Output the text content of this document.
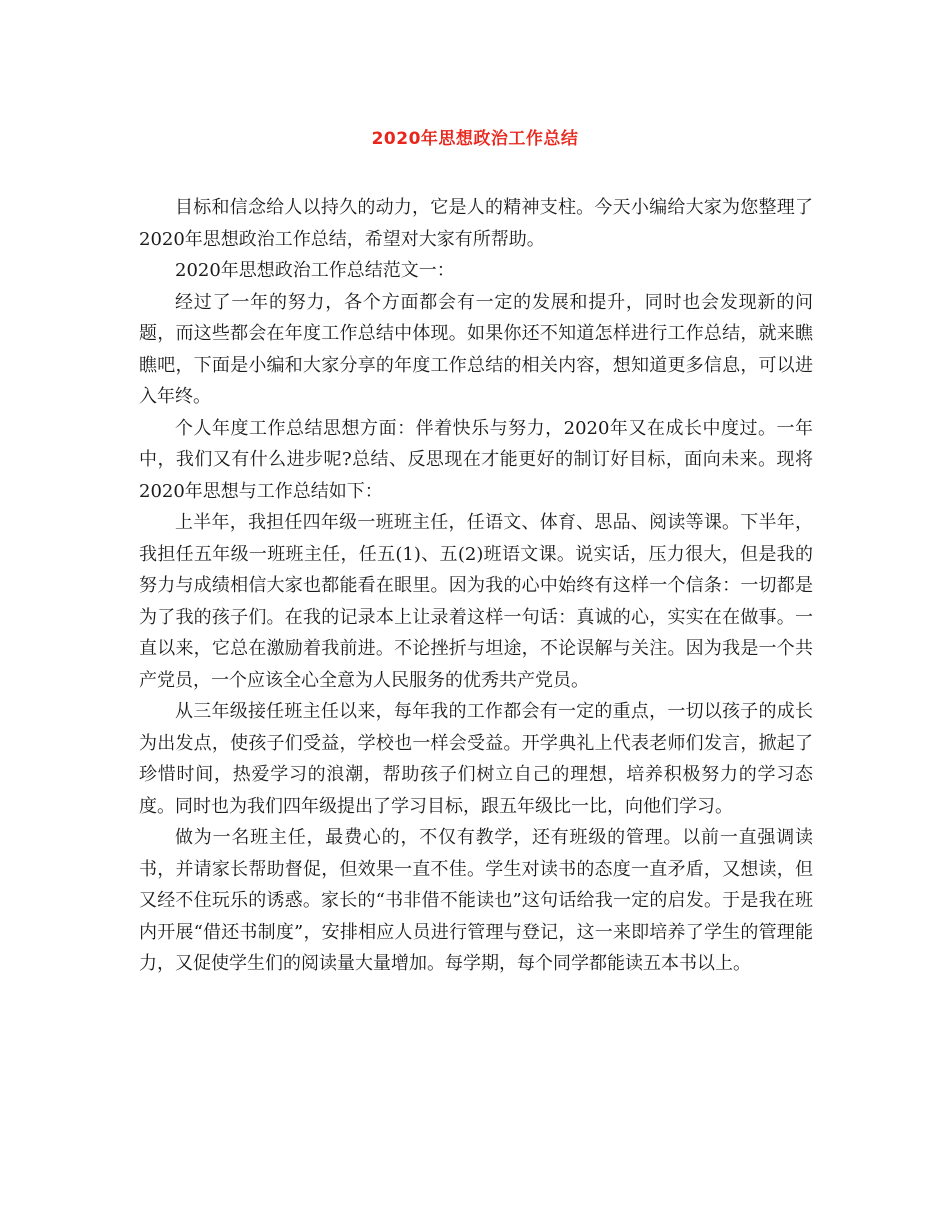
2020年思想政治工作总结

目标和信念给人以持久的动力，它是人的精神支柱。今天小编给大家为您整理了2020年思想政治工作总结，希望对大家有所帮助。

2020年思想政治工作总结范文一：

经过了一年的努力，各个方面都会有一定的发展和提升，同时也会发现新的问题，而这些都会在年度工作总结中体现。如果你还不知道怎样进行工作总结，就来瞧瞧吧，下面是小编和大家分享的年度工作总结的相关内容，想知道更多信息，可以进入年终。

个人年度工作总结思想方面：伴着快乐与努力，2020年又在成长中度过。一年中，我们又有什么进步呢?总结、反思现在才能更好的制订好目标，面向未来。现将2020年思想与工作总结如下：

上半年，我担任四年级一班班主任，任语文、体育、思品、阅读等课。下半年，我担任五年级一班班主任，任五(1)、五(2)班语文课。说实话，压力很大，但是我的努力与成绩相信大家也都能看在眼里。因为我的心中始终有这样一个信条：一切都是为了我的孩子们。在我的记录本上让录着这样一句话：真诚的心，实实在在做事。一直以来，它总在激励着我前进。不论挫折与坦途，不论误解与关注。因为我是一个共产党员，一个应该全心全意为人民服务的优秀共产党员。

从三年级接任班主任以来，每年我的工作都会有一定的重点，一切以孩子的成长为出发点，使孩子们受益，学校也一样会受益。开学典礼上代表老师们发言，掀起了珍惜时间，热爱学习的浪潮，帮助孩子们树立自己的理想，培养积极努力的学习态度。同时也为我们四年级提出了学习目标，跟五年级比一比，向他们学习。

做为一名班主任，最费心的，不仅有教学，还有班级的管理。以前一直强调读书，并请家长帮助督促，但效果一直不佳。学生对读书的态度一直矛盾，又想读，但又经不住玩乐的诱惑。家长的“书非借不能读也”这句话给我一定的启发。于是我在班内开展“借还书制度”，安排相应人员进行管理与登记，这一来即培养了学生的管理能力，又促使学生们的阅读量大量增加。每学期，每个同学都能读五本书以上。
